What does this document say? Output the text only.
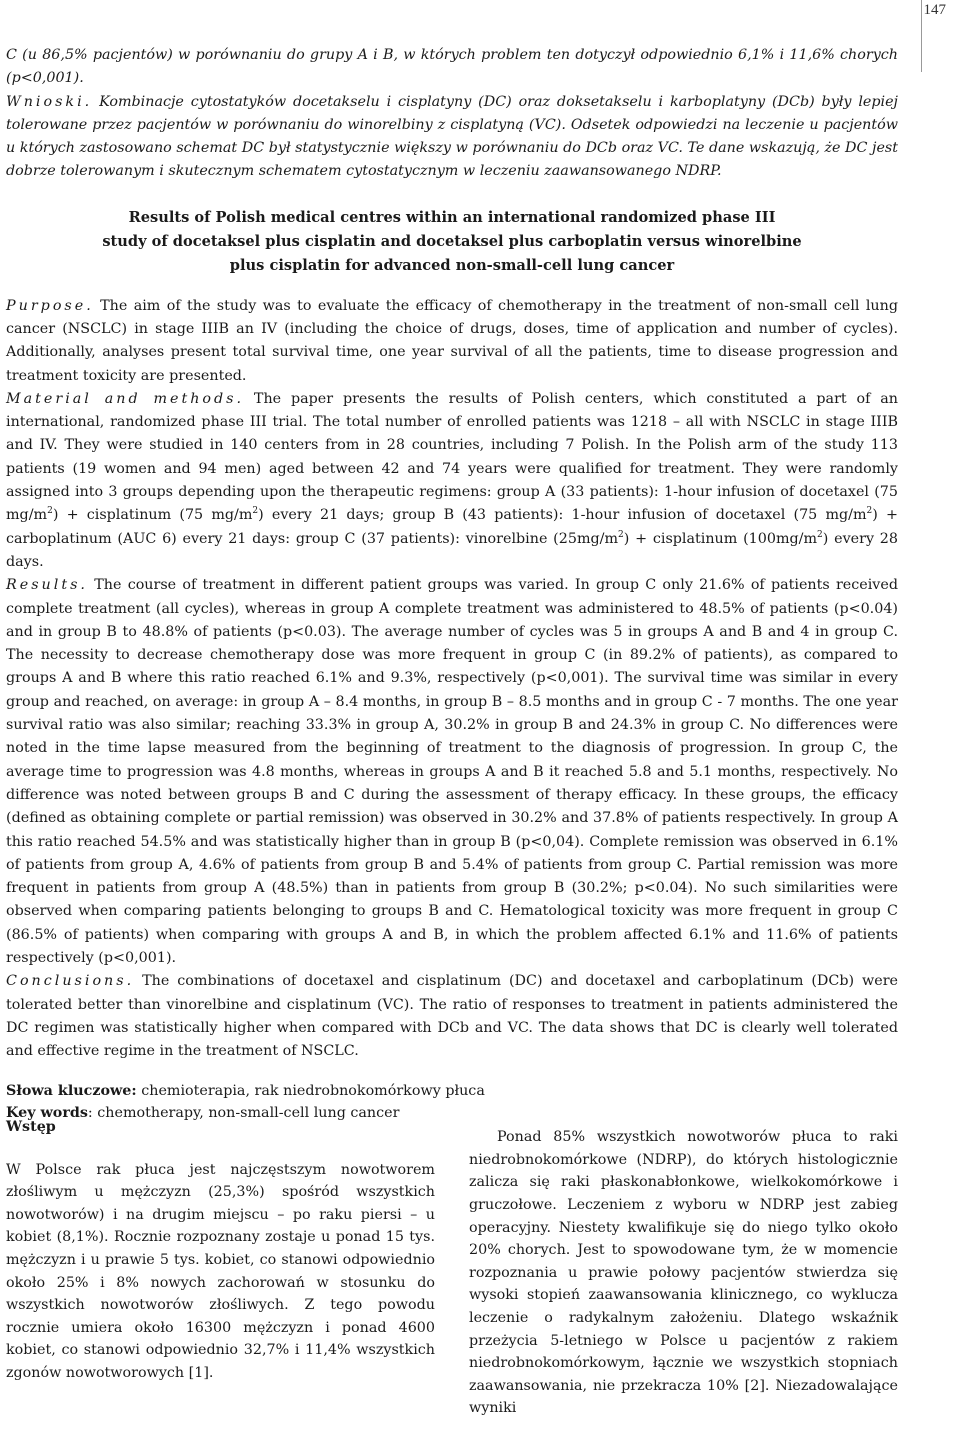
147

C (u 86,5% pacjentów) w porównaniu do grupy A i B, w których problem ten dotyczył odpowiednio 6,1% i 11,6% chorych (p<0,001).

Wnioski. Kombinacje cytostatyków docetakselu i cisplatyny (DC) oraz doksetakselu i karboplatyny (DCb) były lepiej tolerowane przez pacjentów w porównaniu do winorelbiny z cisplatyną (VC). Odsetek odpowiedzi na leczenie u pacjentów u których zastosowano schemat DC był statystycznie większy w porównaniu do DCb oraz VC. Te dane wskazują, że DC jest dobrze tolerowanym i skutecznym schematem cytostatycznym w leczeniu zaawansowanego NDRP.

Results of Polish medical centres within an international randomized phase III
study of docetaksel plus cisplatin and docetaksel plus carboplatin versus winorelbine
plus cisplatin for advanced non-small-cell lung cancer

Purpose. The aim of the study was to evaluate the efficacy of chemotherapy in the treatment of non-small cell lung cancer (NSCLC) in stage IIIB an IV (including the choice of drugs, doses, time of application and number of cycles). Additionally, analyses present total survival time, one year survival of all the patients, time to disease progression and treatment toxicity are presented.

Material and methods. The paper presents the results of Polish centers, which constituted a part of an international, randomized phase III trial. The total number of enrolled patients was 1218 – all with NSCLC in stage IIIB and IV. They were studied in 140 centers from in 28 countries, including 7 Polish. In the Polish arm of the study 113 patients (19 women and 94 men) aged between 42 and 74 years were qualified for treatment. They were randomly assigned into 3 groups depending upon the therapeutic regimens: group A (33 patients): 1-hour infusion of docetaxel (75 $mg/m^2$) + cisplatinum (75 $mg/m^2$) every 21 days; group B (43 patients): 1-hour infusion of docetaxel (75 $mg/m^2$) + carboplatinum (AUC 6) every 21 days: group C (37 patients): vinorelbine $(25mg/m^2)$ + cisplatinum $(100mg/m^2)$ every 28 days.

Results. The course of treatment in different patient groups was varied. In group C only 21.6% of patients received complete treatment (all cycles), whereas in group A complete treatment was administered to 48.5% of patients (p<0.04) and in group B to 48.8% of patients (p<0.03). The average number of cycles was 5 in groups A and B and 4 in group C. The necessity to decrease chemotherapy dose was more frequent in group C (in 89.2% of patients), as compared to groups A and B where this ratio reached 6.1% and 9.3%, respectively (p<0,001). The survival time was similar in every group and reached, on average: in group A – 8.4 months, in group B – 8.5 months and in group C - 7 months. The one year survival ratio was also similar; reaching 33.3% in group A, 30.2% in group B and 24.3% in group C. No differences were noted in the time lapse measured from the beginning of treatment to the diagnosis of progression. In group C, the average time to progression was 4.8 months, whereas in groups A and B it reached 5.8 and 5.1 months, respectively. No difference was noted between groups B and C during the assessment of therapy efficacy. In these groups, the efficacy (defined as obtaining complete or partial remission) was observed in 30.2% and 37.8% of patients respectively. In group A this ratio reached 54.5% and was statistically higher than in group B (p<0,04). Complete remission was observed in 6.1% of patients from group A, 4.6% of patients from group B and 5.4% of patients from group C. Partial remission was more frequent in patients from group A (48.5%) than in patients from group B (30.2%; p<0.04). No such similarities were observed when comparing patients belonging to groups B and C. Hematological toxicity was more frequent in group C (86.5% of patients) when comparing with groups A and B, in which the problem affected 6.1% and 11.6% of patients respectively (p<0,001).

Conclusions. The combinations of docetaxel and cisplatinum (DC) and docetaxel and carboplatinum (DCb) were tolerated better than vinorelbine and cisplatinum (VC). The ratio of responses to treatment in patients administered the DC regimen was statistically higher when compared with DCb and VC. The data shows that DC is clearly well tolerated and effective regime in the treatment of NSCLC.

Słowa kluczowe: chemioterapia, rak niedrobnokomórkowy płuca
Key words: chemotherapy, non-small-cell lung cancer
Wstęp

W Polsce rak płuca jest najczęstszym nowotworem złośliwym u mężczyzn (25,3%) spośród wszystkich nowotworów) i na drugim miejscu – po raku piersi – u kobiet (8,1%). Rocznie rozpoznany zostaje u ponad 15 tys. mężczyzn i u prawie 5 tys. kobiet, co stanowi odpowiednio około 25% i 8% nowych zachorowań w stosunku do wszystkich nowotworów złośliwych. Z tego powodu rocznie umiera około 16300 mężczyzn i ponad 4600 kobiet, co stanowi odpowiednio 32,7% i 11,4% wszystkich zgonów nowotworowych [1].

Ponad 85% wszystkich nowotworów płuca to raki niedrobnokomórkowe (NDRP), do których histologicznie zalicza się raki płaskonabłonkowe, wielkokomórkowe i gruczołowe. Leczeniem z wyboru w NDRP jest zabieg operacyjny. Niestety kwalifikuje się do niego tylko około 20% chorych. Jest to spowodowane tym, że w momencie rozpoznania u prawie połowy pacjentów stwierdza się wysoki stopień zaawansowania klinicznego, co wyklucza leczenie o radykalnym założeniu. Dlatego wskaźnik przeżycia 5-letniego w Polsce u pacjentów z rakiem niedrobnokomórkowym, łącznie we wszystkich stopniach zaawansowania, nie przekracza 10% [2]. Niezadowalające wyniki
